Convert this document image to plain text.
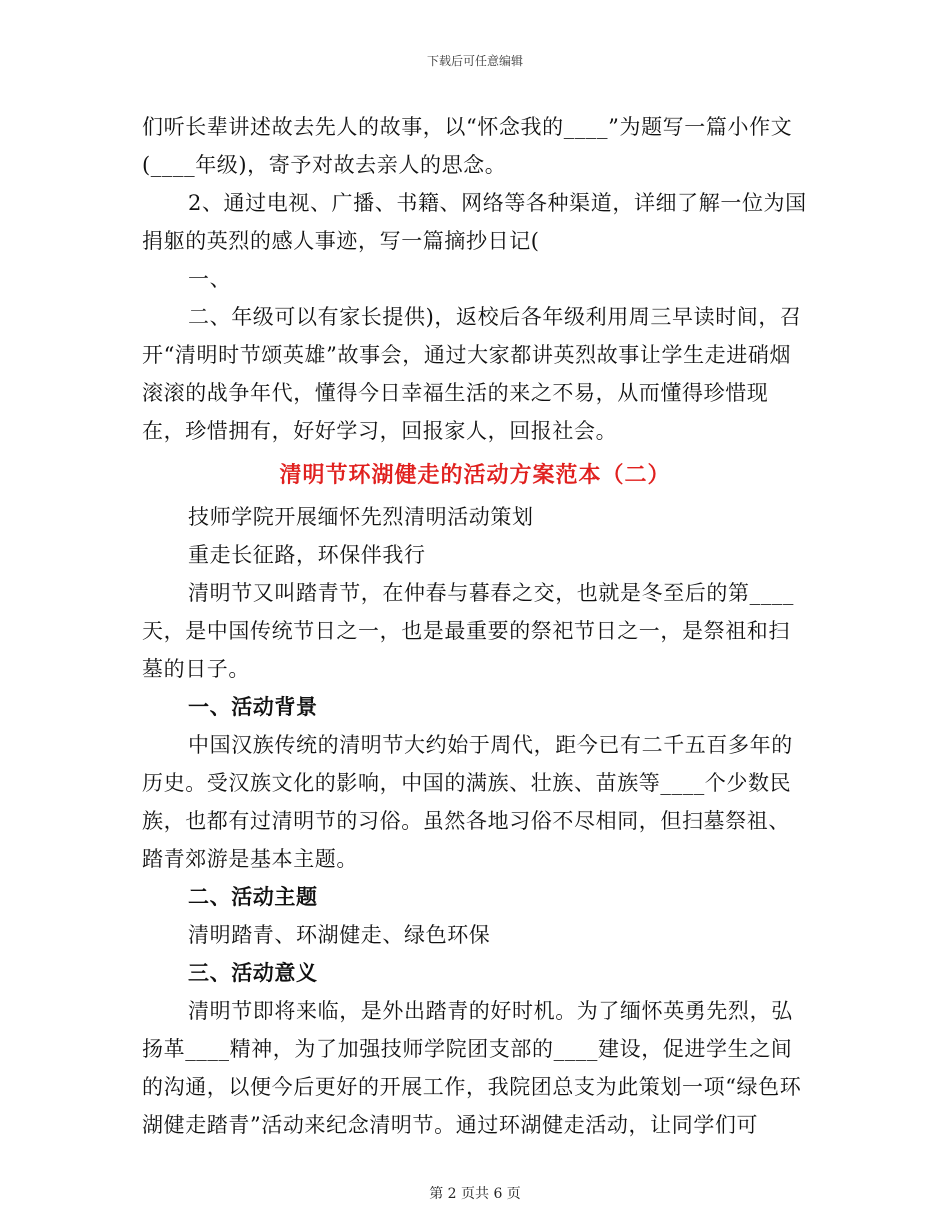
下载后可任意编辑

们听长辈讲述故去先人的故事，以“怀念我的____”为题写一篇小作文(____年级)，寄予对故去亲人的思念。

2、通过电视、广播、书籍、网络等各种渠道，详细了解一位为国捐躯的英烈的感人事迹，写一篇摘抄日记(

一、

二、年级可以有家长提供)，返校后各年级利用周三早读时间，召开“清明时节颂英雄”故事会，通过大家都讲英烈故事让学生走进硝烟滚滚的战争年代，懂得今日幸福生活的来之不易，从而懂得珍惜现在，珍惜拥有，好好学习，回报家人，回报社会。

清明节环湖健走的活动方案范本（二）

技师学院开展缅怀先烈清明活动策划

重走长征路，环保伴我行

清明节又叫踏青节，在仲春与暮春之交，也就是冬至后的第____天，是中国传统节日之一，也是最重要的祭祀节日之一，是祭祖和扫墓的日子。

一、活动背景

中国汉族传统的清明节大约始于周代，距今已有二千五百多年的历史。受汉族文化的影响，中国的满族、壮族、苗族等____个少数民族，也都有过清明节的习俗。虽然各地习俗不尽相同，但扫墓祭祖、踏青郊游是基本主题。

二、活动主题

清明踏青、环湖健走、绿色环保

三、活动意义

清明节即将来临，是外出踏青的好时机。为了缅怀英勇先烈，弘扬革____精神，为了加强技师学院团支部的____建设，促进学生之间的沟通，以便今后更好的开展工作，我院团总支为此策划一项“绿色环湖健走踏青”活动来纪念清明节。通过环湖健走活动，让同学们可

第 2 页共 6 页
